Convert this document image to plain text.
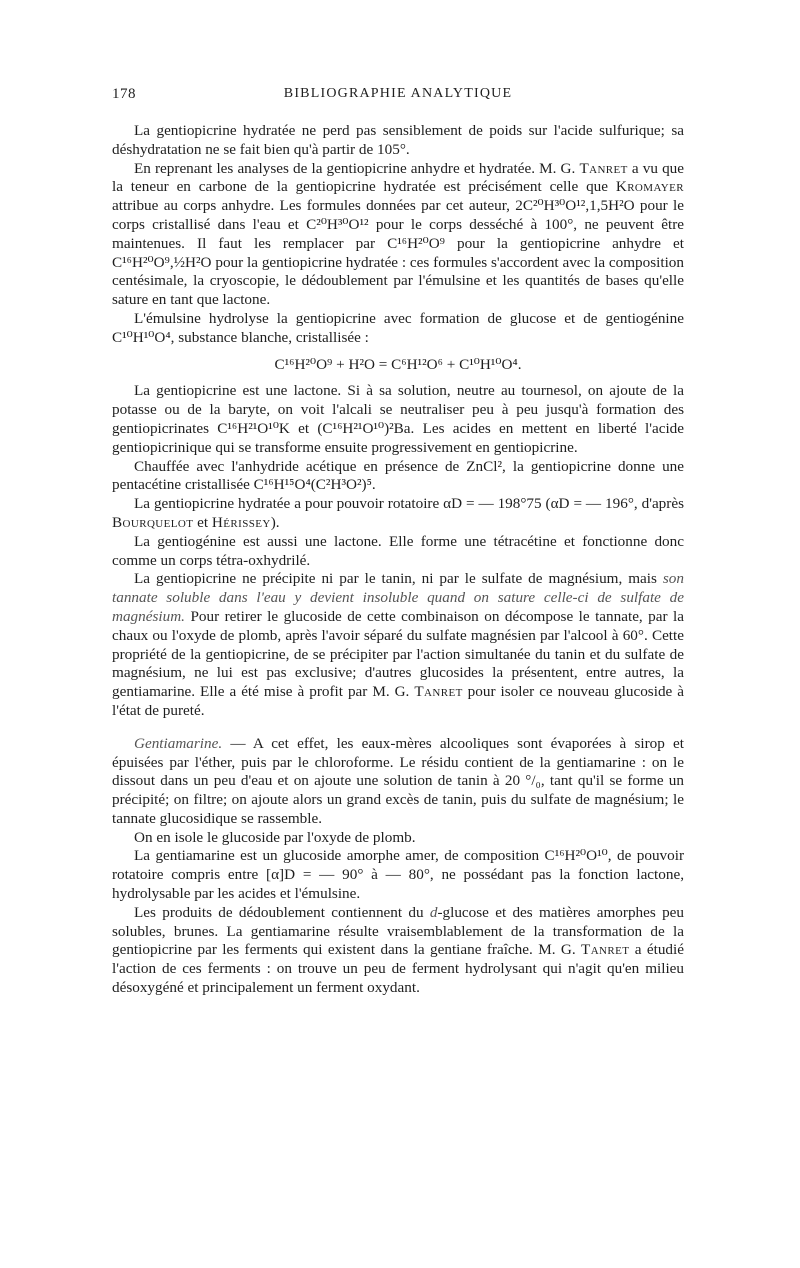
178	BIBLIOGRAPHIE ANALYTIQUE

La gentiopicrine hydratée ne perd pas sensiblement de poids sur l'acide sulfurique; sa déshydratation ne se fait bien qu'à partir de 105°.

En reprenant les analyses de la gentiopicrine anhydre et hydratée. M. G. Tanret a vu que la teneur en carbone de la gentiopicrine hydratée est précisément celle que Kromayer attribue au corps anhydre. Les formules données par cet auteur, 2C²⁰H³⁰O¹²,1,5H²O pour le corps cristallisé dans l'eau et C²⁰H³⁰O¹² pour le corps desséché à 100°, ne peuvent être maintenues. Il faut les remplacer par C¹⁶H²⁰O⁹ pour la gentiopicrine anhydre et C¹⁶H²⁰O⁹,½H²O pour la gentiopicrine hydratée : ces formules s'accordent avec la composition centésimale, la cryoscopie, le dédoublement par l'émulsine et les quantités de bases qu'elle sature en tant que lactone.

L'émulsine hydrolyse la gentiopicrine avec formation de glucose et de gentiogénine C¹⁰H¹⁰O⁴, substance blanche, cristallisée :

C¹⁶H²⁰O⁹ + H²O = C⁶H¹²O⁶ + C¹⁰H¹⁰O⁴.

La gentiopicrine est une lactone. Si à sa solution, neutre au tournesol, on ajoute de la potasse ou de la baryte, on voit l'alcali se neutraliser peu à peu jusqu'à formation des gentiopicrinates C¹⁶H²¹O¹⁰K et (C¹⁶H²¹O¹⁰)²Ba. Les acides en mettent en liberté l'acide gentiopicrinique qui se transforme ensuite progressivement en gentiopicrine.

Chauffée avec l'anhydride acétique en présence de ZnCl², la gentiopicrine donne une pentacétine cristallisée C¹⁶H¹⁵O⁴(C²H³O²)⁵.

La gentiopicrine hydratée a pour pouvoir rotatoire αD = — 198°75 (αD = — 196°, d'après Bourquelot et Hérissey).

La gentiogénine est aussi une lactone. Elle forme une tétracétine et fonctionne donc comme un corps tétra-oxhydrilé.

La gentiopicrine ne précipite ni par le tanin, ni par le sulfate de magnésium, mais son tannate soluble dans l'eau y devient insoluble quand on sature celle-ci de sulfate de magnésium. Pour retirer le glucoside de cette combinaison on décompose le tannate, par la chaux ou l'oxyde de plomb, après l'avoir séparé du sulfate magnésien par l'alcool à 60°. Cette propriété de la gentiopicrine, de se précipiter par l'action simultanée du tanin et du sulfate de magnésium, ne lui est pas exclusive; d'autres glucosides la présentent, entre autres, la gentiamarine. Elle a été mise à profit par M. G. Tanret pour isoler ce nouveau glucoside à l'état de pureté.

Gentiamarine. — A cet effet, les eaux-mères alcooliques sont évaporées à sirop et épuisées par l'éther, puis par le chloroforme. Le résidu contient de la gentiamarine : on le dissout dans un peu d'eau et on ajoute une solution de tanin à 20 °/₀, tant qu'il se forme un précipité; on filtre; on ajoute alors un grand excès de tanin, puis du sulfate de magnésium; le tannate glucosidique se rassemble.

On en isole le glucoside par l'oxyde de plomb.

La gentiamarine est un glucoside amorphe amer, de composition C¹⁶H²⁰O¹⁰, de pouvoir rotatoire compris entre [α]D = — 90° à — 80°, ne possédant pas la fonction lactone, hydrolysable par les acides et l'émulsine.

Les produits de dédoublement contiennent du d-glucose et des matières amorphes peu solubles, brunes. La gentiamarine résulte vraisemblablement de la transformation de la gentiopicrine par les ferments qui existent dans la gentiane fraîche. M. G. Tanret a étudié l'action de ces ferments : on trouve un peu de ferment hydrolysant qui n'agit qu'en milieu désoxygéné et principalement un ferment oxydant.
